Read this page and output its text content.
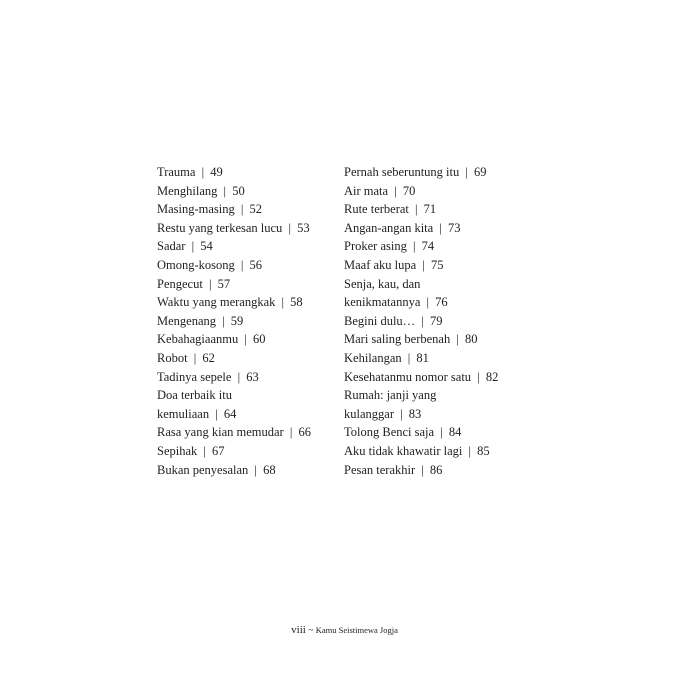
Trauma | 49
Menghilang | 50
Masing-masing | 52
Restu yang terkesan lucu | 53
Sadar | 54
Omong-kosong | 56
Pengecut | 57
Waktu yang merangkak | 58
Mengenang | 59
Kebahagiaanmu | 60
Robot | 62
Tadinya sepele | 63
Doa terbaik itu
kemuliaan | 64
Rasa yang kian memudar | 66
Sepihak | 67
Bukan penyesalan | 68
Pernah seberuntung itu | 69
Air mata | 70
Rute terberat | 71
Angan-angan kita | 73
Proker asing | 74
Maaf aku lupa | 75
Senja, kau, dan
kenikmatannya | 76
Begini dulu… | 79
Mari saling berbenah | 80
Kehilangan | 81
Kesehatanmu nomor satu | 82
Rumah: janji yang
kulanggar | 83
Tolong Benci saja | 84
Aku tidak khawatir lagi | 85
Pesan terakhir | 86
viii ~ Kamu Seistimewa Jogja
